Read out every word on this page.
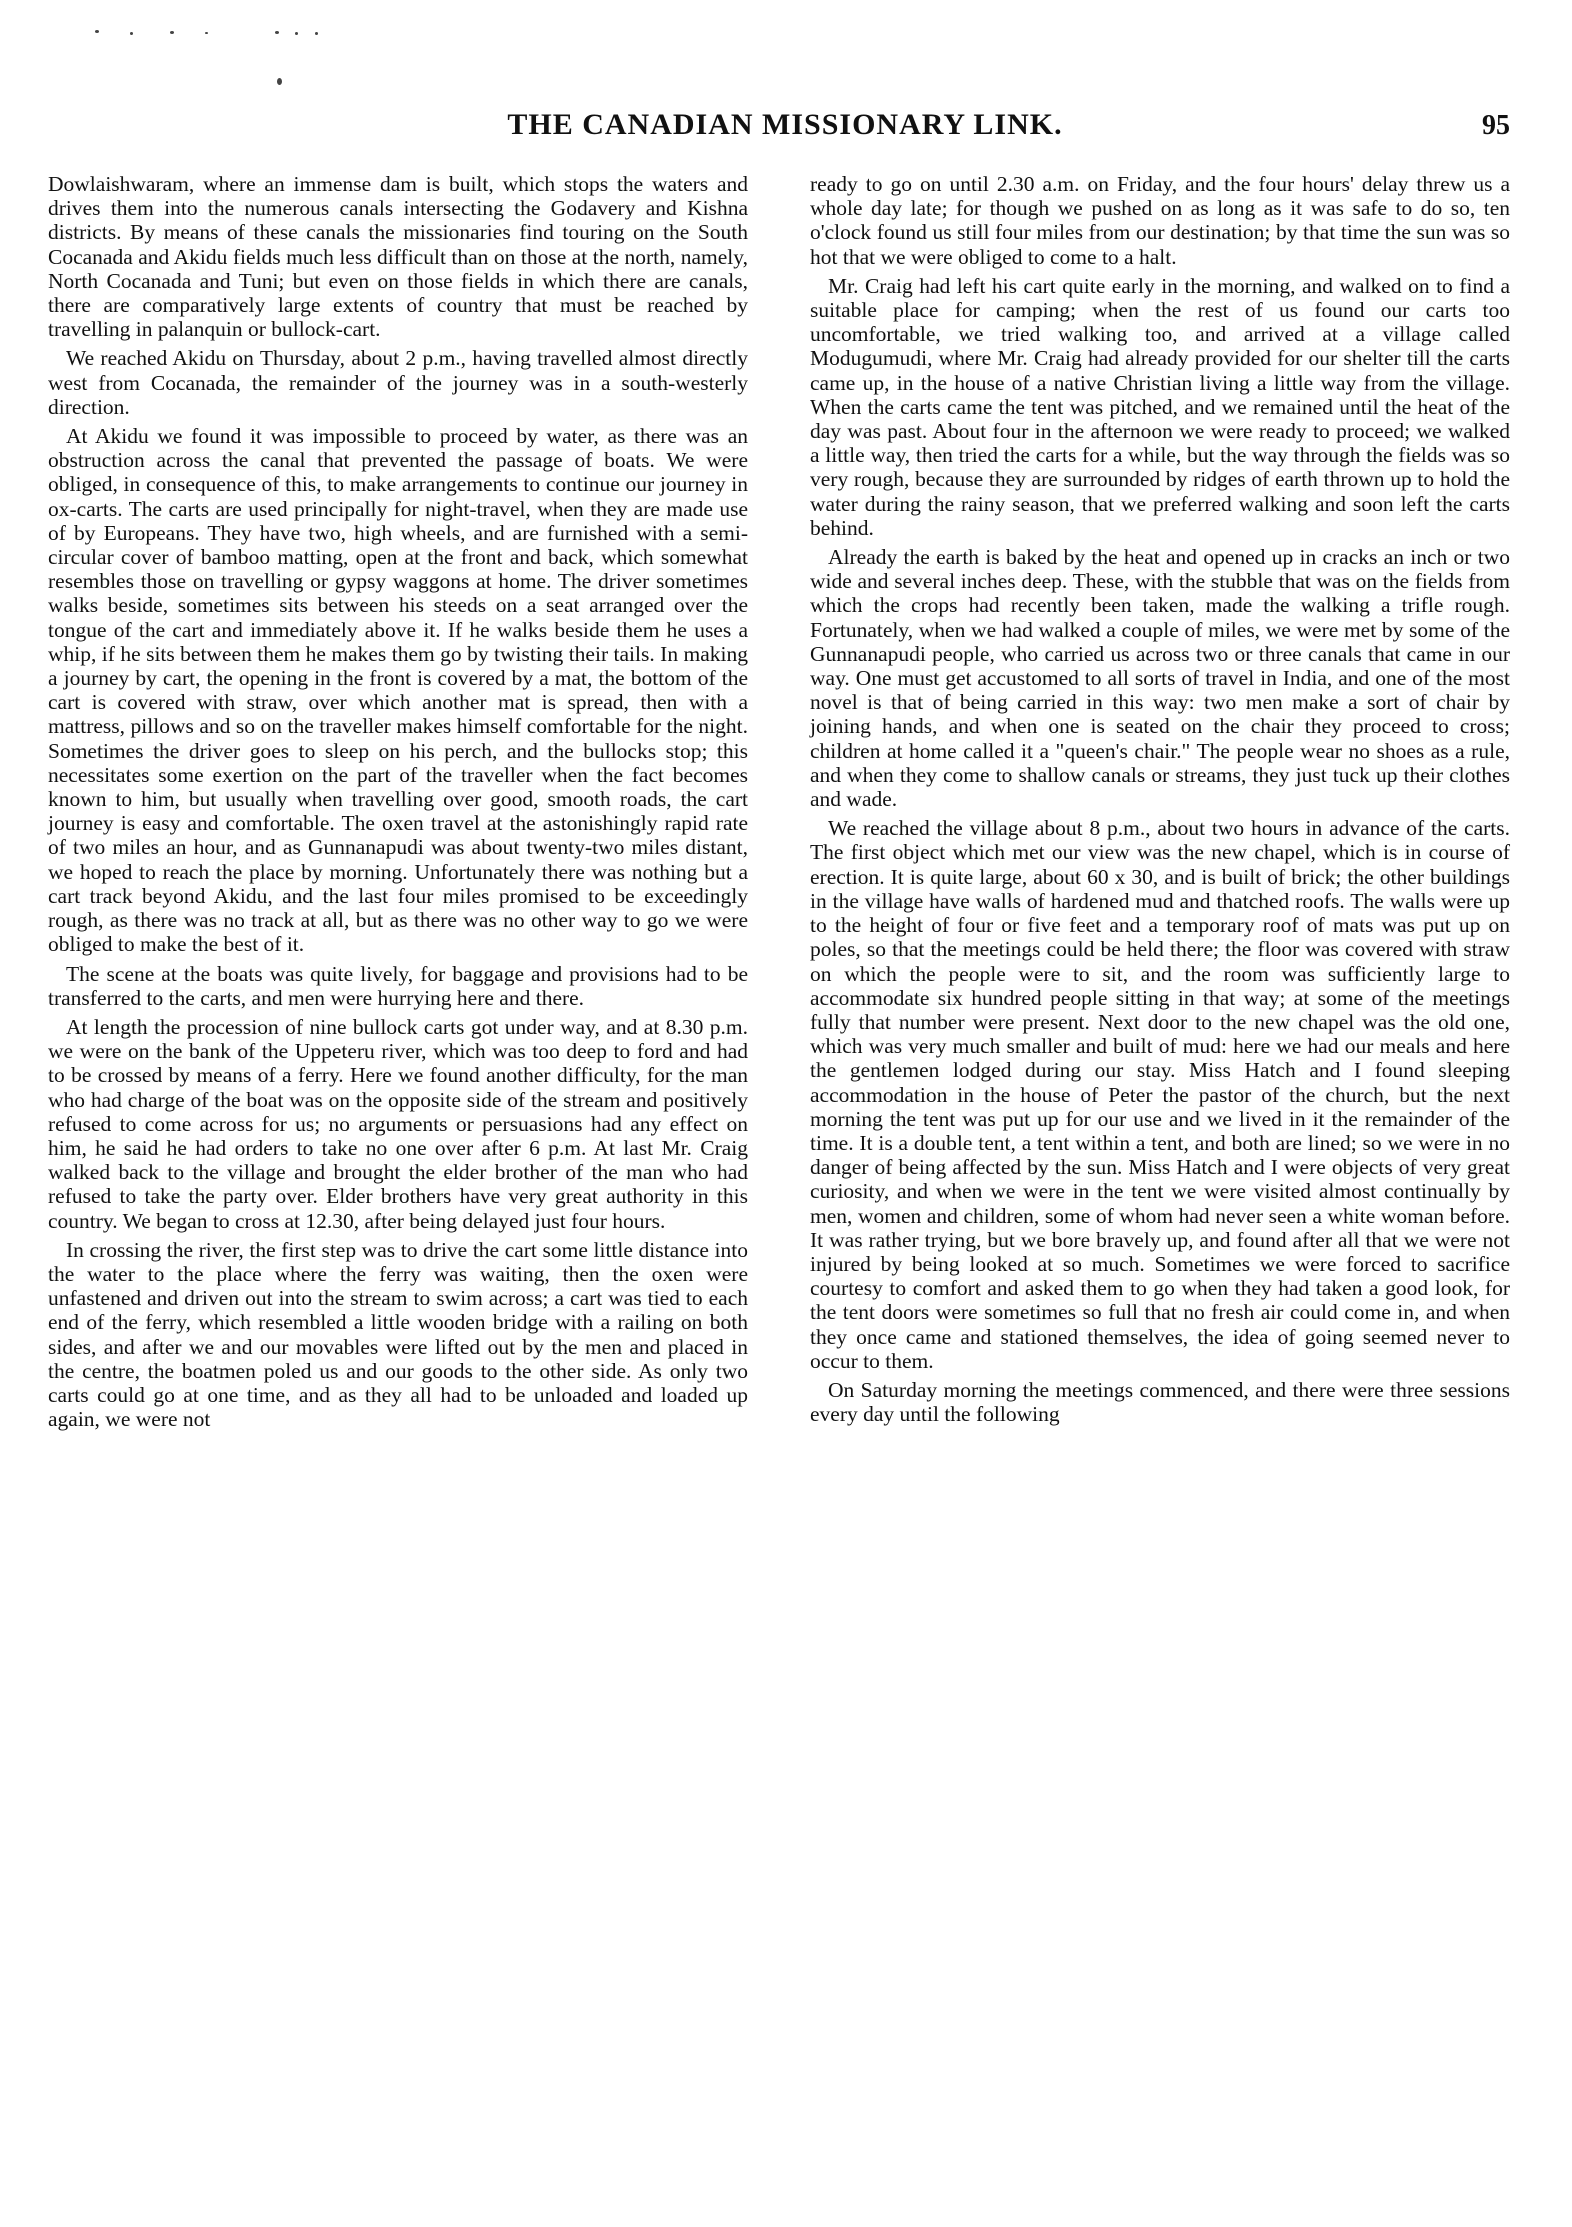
THE CANADIAN MISSIONARY LINK.	95

Dowlaishwaram, where an immense dam is built, which stops the waters and drives them into the numerous canals intersecting the Godavery and Kishna districts. By means of these canals the missionaries find touring on the South Cocanada and Akidu fields much less difficult than on those at the north, namely, North Cocanada and Tuni; but even on those fields in which there are canals, there are comparatively large extents of country that must be reached by travelling in palanquin or bullock-cart.

We reached Akidu on Thursday, about 2 p.m., having travelled almost directly west from Cocanada, the remainder of the journey was in a south-westerly direction.

At Akidu we found it was impossible to proceed by water, as there was an obstruction across the canal that prevented the passage of boats. We were obliged, in consequence of this, to make arrangements to continue our journey in ox-carts. The carts are used principally for night-travel, when they are made use of by Europeans. They have two, high wheels, and are furnished with a semi-circular cover of bamboo matting, open at the front and back, which somewhat resembles those on travelling or gypsy waggons at home. The driver sometimes walks beside, sometimes sits between his steeds on a seat arranged over the tongue of the cart and immediately above it. If he walks beside them he uses a whip, if he sits between them he makes them go by twisting their tails. In making a journey by cart, the opening in the front is covered by a mat, the bottom of the cart is covered with straw, over which another mat is spread, then with a mattress, pillows and so on the traveller makes himself comfortable for the night. Sometimes the driver goes to sleep on his perch, and the bullocks stop; this necessitates some exertion on the part of the traveller when the fact becomes known to him, but usually when travelling over good, smooth roads, the cart journey is easy and comfortable. The oxen travel at the astonishingly rapid rate of two miles an hour, and as Gunnanapudi was about twenty-two miles distant, we hoped to reach the place by morning. Unfortunately there was nothing but a cart track beyond Akidu, and the last four miles promised to be exceedingly rough, as there was no track at all, but as there was no other way to go we were obliged to make the best of it.

The scene at the boats was quite lively, for baggage and provisions had to be transferred to the carts, and men were hurrying here and there.

At length the procession of nine bullock carts got under way, and at 8.30 p.m. we were on the bank of the Uppeteru river, which was too deep to ford and had to be crossed by means of a ferry. Here we found another difficulty, for the man who had charge of the boat was on the opposite side of the stream and positively refused to come across for us; no arguments or persuasions had any effect on him, he said he had orders to take no one over after 6 p.m. At last Mr. Craig walked back to the village and brought the elder brother of the man who had refused to take the party over. Elder brothers have very great authority in this country. We began to cross at 12.30, after being delayed just four hours.

In crossing the river, the first step was to drive the cart some little distance into the water to the place where the ferry was waiting, then the oxen were unfastened and driven out into the stream to swim across; a cart was tied to each end of the ferry, which resembled a little wooden bridge with a railing on both sides, and after we and our movables were lifted out by the men and placed in the centre, the boatmen poled us and our goods to the other side. As only two carts could go at one time, and as they all had to be unloaded and loaded up again, we were not

ready to go on until 2.30 a.m. on Friday, and the four hours' delay threw us a whole day late; for though we pushed on as long as it was safe to do so, ten o'clock found us still four miles from our destination; by that time the sun was so hot that we were obliged to come to a halt.

Mr. Craig had left his cart quite early in the morning, and walked on to find a suitable place for camping; when the rest of us found our carts too uncomfortable, we tried walking too, and arrived at a village called Modugumudi, where Mr. Craig had already provided for our shelter till the carts came up, in the house of a native Christian living a little way from the village. When the carts came the tent was pitched, and we remained until the heat of the day was past. About four in the afternoon we were ready to proceed; we walked a little way, then tried the carts for a while, but the way through the fields was so very rough, because they are surrounded by ridges of earth thrown up to hold the water during the rainy season, that we preferred walking and soon left the carts behind.

Already the earth is baked by the heat and opened up in cracks an inch or two wide and several inches deep. These, with the stubble that was on the fields from which the crops had recently been taken, made the walking a trifle rough. Fortunately, when we had walked a couple of miles, we were met by some of the Gunnanapudi people, who carried us across two or three canals that came in our way. One must get accustomed to all sorts of travel in India, and one of the most novel is that of being carried in this way: two men make a sort of chair by joining hands, and when one is seated on the chair they proceed to cross; children at home called it a "queen's chair." The people wear no shoes as a rule, and when they come to shallow canals or streams, they just tuck up their clothes and wade.

We reached the village about 8 p.m., about two hours in advance of the carts. The first object which met our view was the new chapel, which is in course of erection. It is quite large, about 60 x 30, and is built of brick; the other buildings in the village have walls of hardened mud and thatched roofs. The walls were up to the height of four or five feet and a temporary roof of mats was put up on poles, so that the meetings could be held there; the floor was covered with straw on which the people were to sit, and the room was sufficiently large to accommodate six hundred people sitting in that way; at some of the meetings fully that number were present. Next door to the new chapel was the old one, which was very much smaller and built of mud: here we had our meals and here the gentlemen lodged during our stay. Miss Hatch and I found sleeping accommodation in the house of Peter the pastor of the church, but the next morning the tent was put up for our use and we lived in it the remainder of the time. It is a double tent, a tent within a tent, and both are lined; so we were in no danger of being affected by the sun. Miss Hatch and I were objects of very great curiosity, and when we were in the tent we were visited almost continually by men, women and children, some of whom had never seen a white woman before. It was rather trying, but we bore bravely up, and found after all that we were not injured by being looked at so much. Sometimes we were forced to sacrifice courtesy to comfort and asked them to go when they had taken a good look, for the tent doors were sometimes so full that no fresh air could come in, and when they once came and stationed themselves, the idea of going seemed never to occur to them.

On Saturday morning the meetings commenced, and there were three sessions every day until the following
